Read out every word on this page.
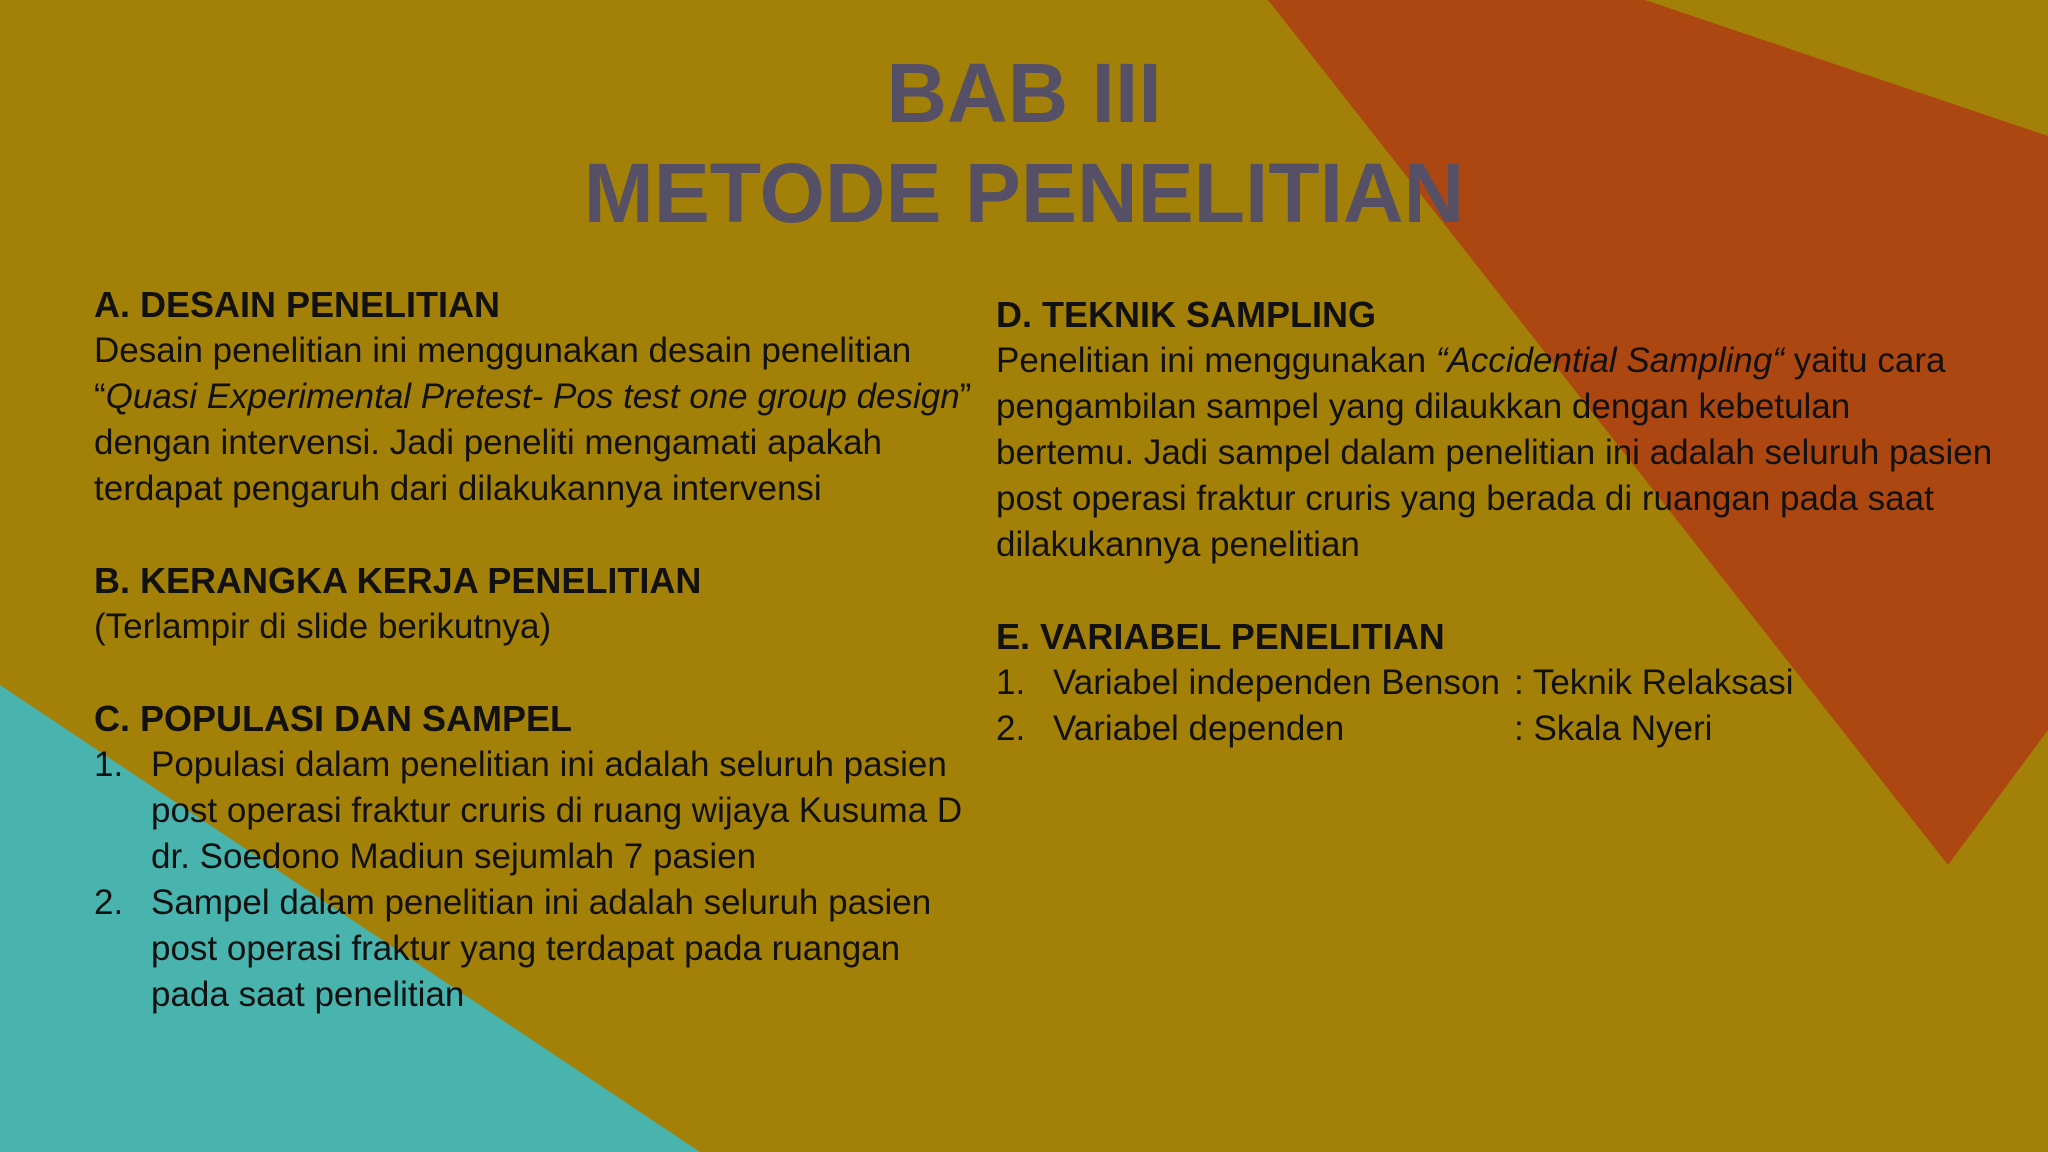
BAB III
METODE PENELITIAN
A. DESAIN PENELITIAN
Desain penelitian ini menggunakan desain penelitian “Quasi Experimental Pretest- Pos test one group design” dengan intervensi. Jadi peneliti mengamati apakah terdapat pengaruh dari dilakukannya intervensi
B. KERANGKA KERJA PENELITIAN
(Terlampir di slide berikutnya)
C. POPULASI DAN SAMPEL
1. Populasi dalam penelitian ini adalah seluruh pasien post operasi fraktur cruris di ruang wijaya Kusuma D dr. Soedono Madiun sejumlah 7 pasien
2. Sampel dalam penelitian ini adalah seluruh pasien post operasi fraktur yang terdapat pada ruangan pada saat penelitian
D. TEKNIK SAMPLING
Penelitian ini menggunakan “Accidential Sampling“ yaitu cara pengambilan sampel yang dilaukkan dengan kebetulan bertemu. Jadi sampel dalam penelitian ini adalah seluruh pasien post operasi fraktur cruris yang berada di ruangan pada saat dilakukannya penelitian
E. VARIABEL PENELITIAN
1. Variabel independen Benson : Teknik Relaksasi
2. Variabel dependen	: Skala Nyeri
